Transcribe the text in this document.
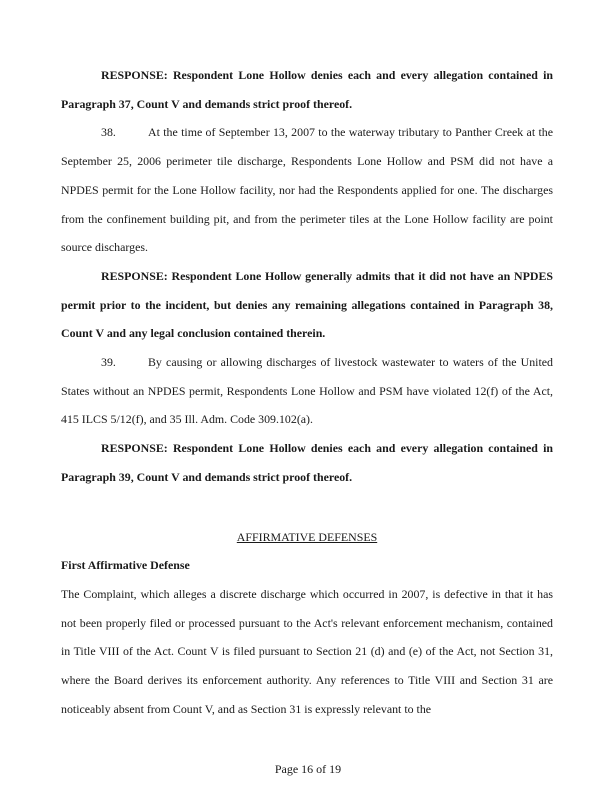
RESPONSE: Respondent Lone Hollow denies each and every allegation contained in Paragraph 37, Count V and demands strict proof thereof.

38.	At the time of September 13, 2007 to the waterway tributary to Panther Creek at the September 25, 2006 perimeter tile discharge, Respondents Lone Hollow and PSM did not have a NPDES permit for the Lone Hollow facility, nor had the Respondents applied for one. The discharges from the confinement building pit, and from the perimeter tiles at the Lone Hollow facility are point source discharges.

RESPONSE: Respondent Lone Hollow generally admits that it did not have an NPDES permit prior to the incident, but denies any remaining allegations contained in Paragraph 38, Count V and any legal conclusion contained therein.

39.	By causing or allowing discharges of livestock wastewater to waters of the United States without an NPDES permit, Respondents Lone Hollow and PSM have violated 12(f) of the Act, 415 ILCS 5/12(f), and 35 Ill. Adm. Code 309.102(a).

RESPONSE: Respondent Lone Hollow denies each and every allegation contained in Paragraph 39, Count V and demands strict proof thereof.

AFFIRMATIVE DEFENSES

First Affirmative Defense

The Complaint, which alleges a discrete discharge which occurred in 2007, is defective in that it has not been properly filed or processed pursuant to the Act's relevant enforcement mechanism, contained in Title VIII of the Act. Count V is filed pursuant to Section 21 (d) and (e) of the Act, not Section 31, where the Board derives its enforcement authority. Any references to Title VIII and Section 31 are noticeably absent from Count V, and as Section 31 is expressly relevant to the

Page 16 of 19
